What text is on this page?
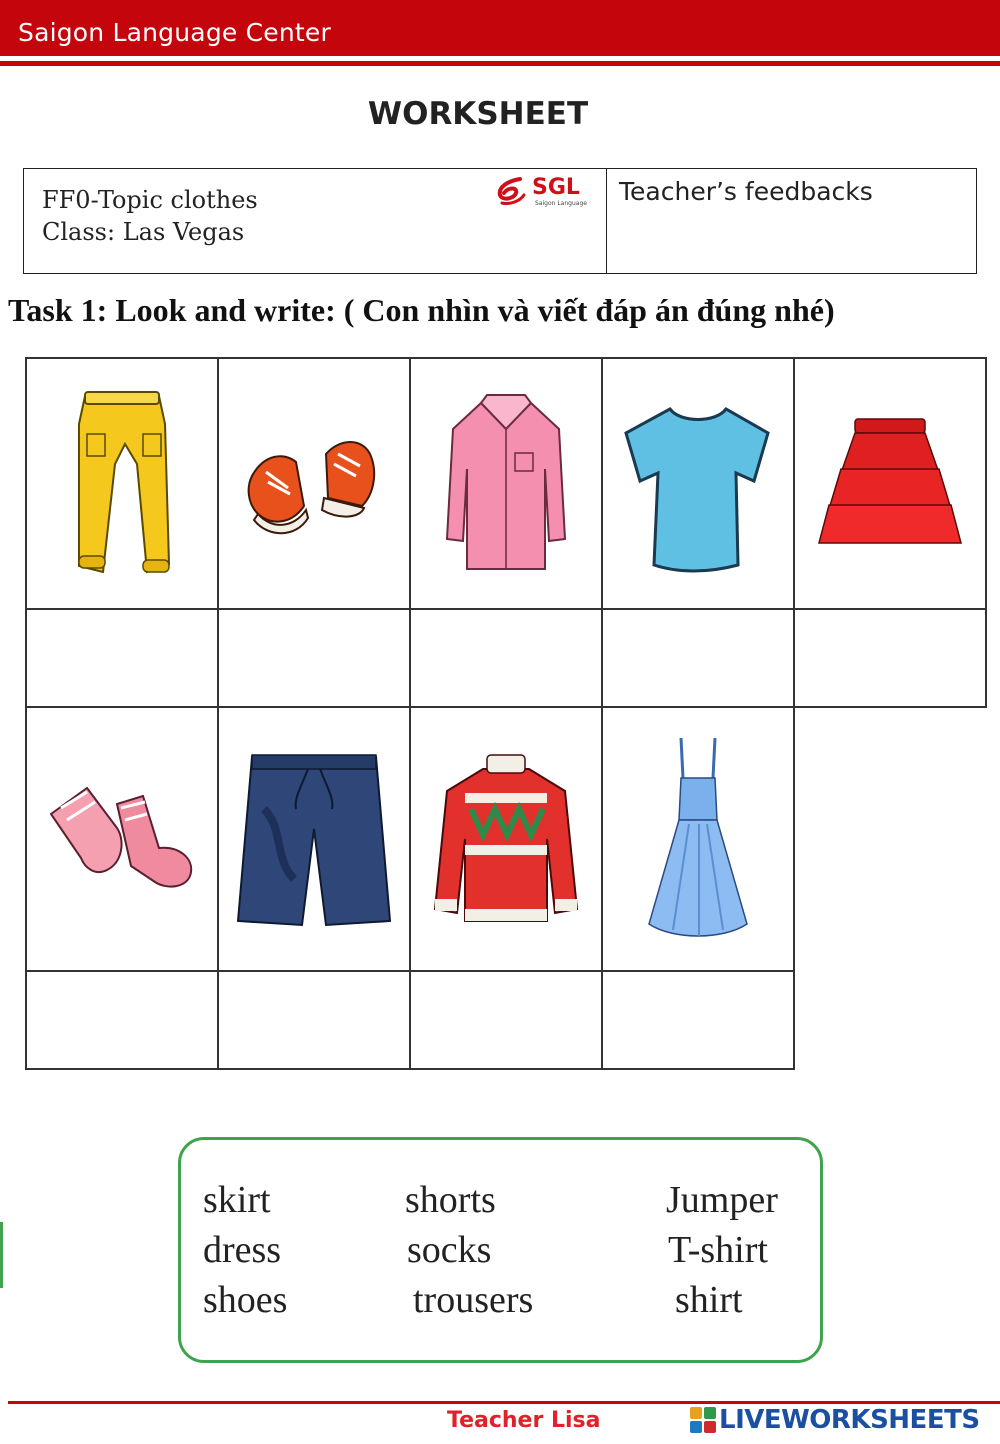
Saigon Language Center
WORKSHEET
FF0-Topic clothes
Class: Las Vegas
SGL
Saigon Language Teacher’s feedbacks
Task 1: Look and write: ( Con nhìn và viết đáp án đúng nhé)
skirt	shorts	Jumper
dress	socks	T-shirt
shoes	trousers	shirt
Teacher Lisa	LIVEWORKSHEETS
